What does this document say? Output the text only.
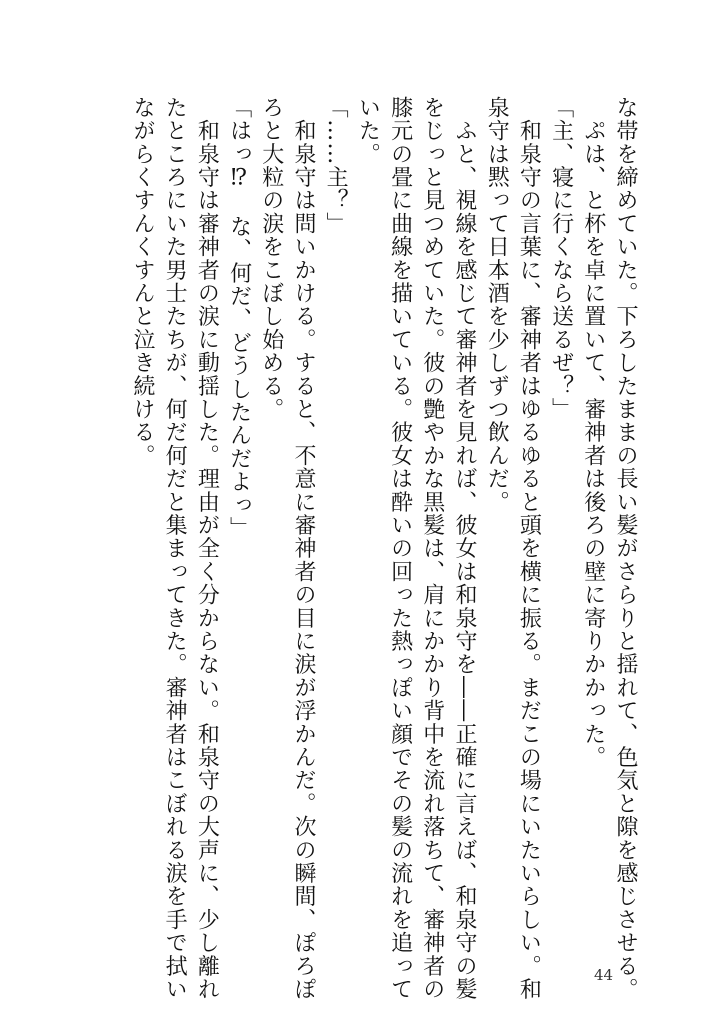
な帯を締めていた。下ろしたままの長い髪がさらりと揺れて、色気と隙を感じさせる。
　ぷは、と杯を卓に置いて、審神者は後ろの壁に寄りかかった。
「主、寝に行くなら送るぜ？」
　和泉守の言葉に、審神者はゆるゆると頭を横に振る。まだこの場にいたいらしい。和
泉守は黙って日本酒を少しずつ飲んだ。
　ふと、視線を感じて審神者を見れば、彼女は和泉守を――正確に言えば、和泉守の髪
をじっと見つめていた。彼の艶やかな黒髪は、肩にかかり背中を流れ落ちて、審神者の
膝元の畳に曲線を描いている。彼女は酔いの回った熱っぽい顔でその髪の流れを追って
いた。
「……主？」
　和泉守は問いかける。すると、不意に審神者の目に涙が浮かんだ。次の瞬間、ぽろぽ
ろと大粒の涙をこぼし始める。
「はっ⁉　な、何だ、どうしたんだよっ」
　和泉守は審神者の涙に動揺した。理由が全く分からない。和泉守の大声に、少し離れ
たところにいた男士たちが、何だ何だと集まってきた。審神者はこぼれる涙を手で拭い
ながらくすんくすんと泣き続ける。
44
